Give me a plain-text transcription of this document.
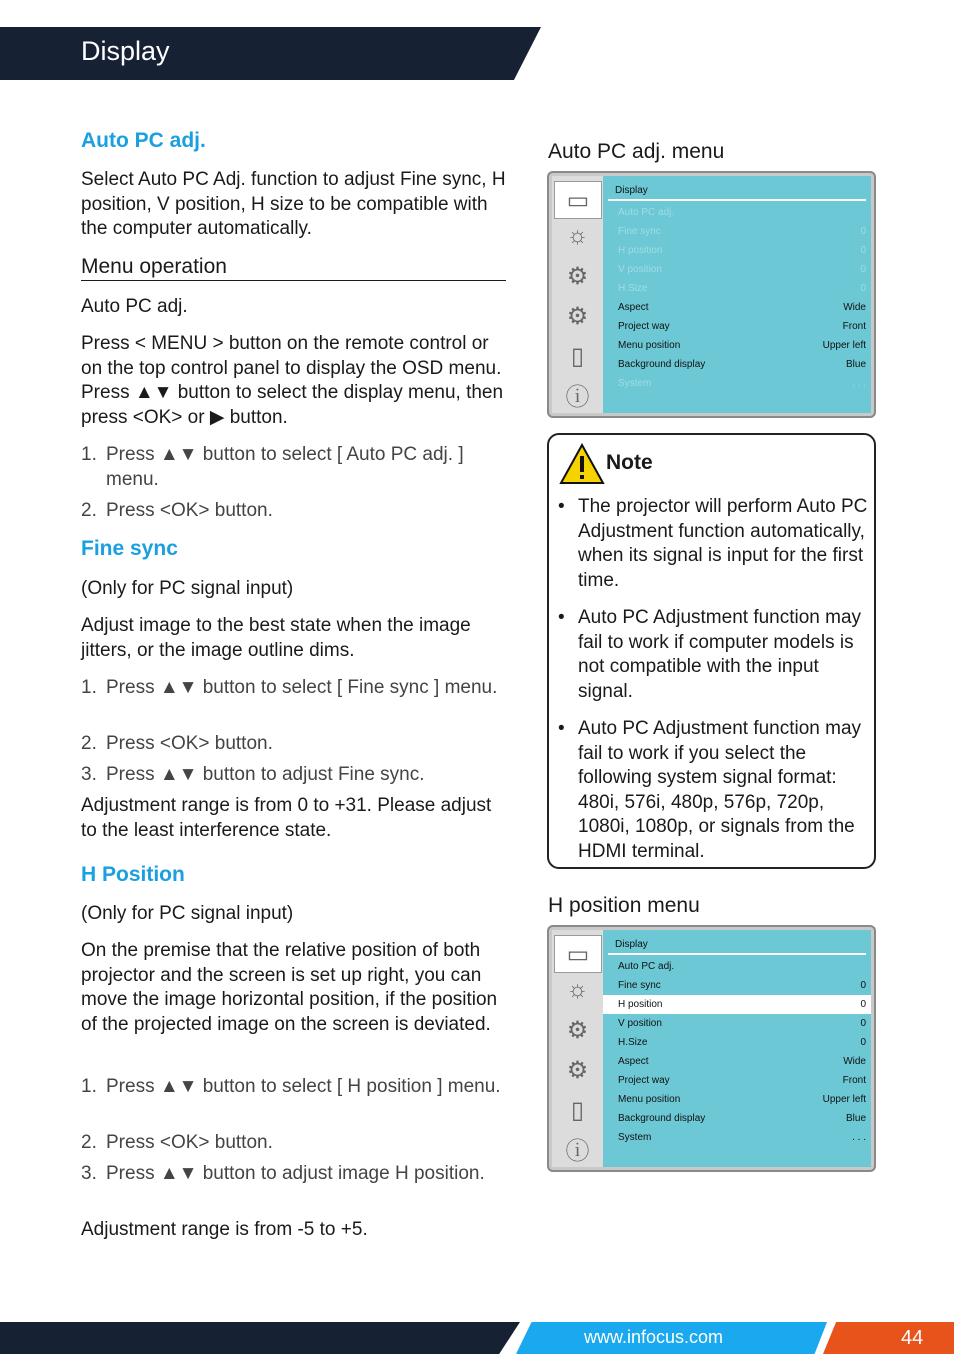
Display
Auto PC adj.
Select Auto PC Adj. function to adjust Fine sync, H position, V position, H size to be compatible with the computer automatically.
Menu operation
Auto PC adj.
Press < MENU > button on the remote control or on the top control panel to display the OSD menu. Press ▲▼ button to select the display menu, then press <OK> or ▶ button.
1. Press ▲▼ button to select [ Auto PC adj. ] menu.
2. Press <OK> button.
Fine sync
(Only for PC signal input)
Adjust image to the best state when the image jitters, or the image outline dims.
1. Press ▲▼ button to select [ Fine sync ] menu.
2. Press <OK> button.
3. Press ▲▼ button to adjust Fine sync.
Adjustment range is from 0 to +31. Please adjust to the least interference state.
H Position
(Only for PC signal input)
On the premise that the relative position of both projector and the screen is set up right, you can move the image horizontal position, if the position of the projected image on the screen is deviated.
1. Press ▲▼ button to select [ H position ] menu.
2. Press <OK> button.
3. Press ▲▼ button to adjust image H position.
Adjustment range is from -5 to +5.
Auto PC adj. menu
▭
☼
⚙
⚙
▯
ⓘ
Display
Auto PC adj.
Fine sync	0
H position	0
V position	0
H.Size	0
Aspect	Wide
Project way	Front
Menu position	Upper left
Background display	Blue
System	. . .
Note
• The projector will perform Auto PC Adjustment function automatically, when its signal is input for the first time.
• Auto PC Adjustment function may fail to work if computer models is not compatible with the input signal.
• Auto PC Adjustment function may fail to work if you select the following system signal format: 480i, 576i, 480p, 576p, 720p, 1080i, 1080p, or signals from the HDMI terminal.
H position menu
▭
☼
⚙
⚙
▯
ⓘ
Display
Auto PC adj.
Fine sync	0
H position	0
V position	0
H.Size	0
Aspect	Wide
Project way	Front
Menu position	Upper left
Background display	Blue
System	. . .
www.infocus.com	44
